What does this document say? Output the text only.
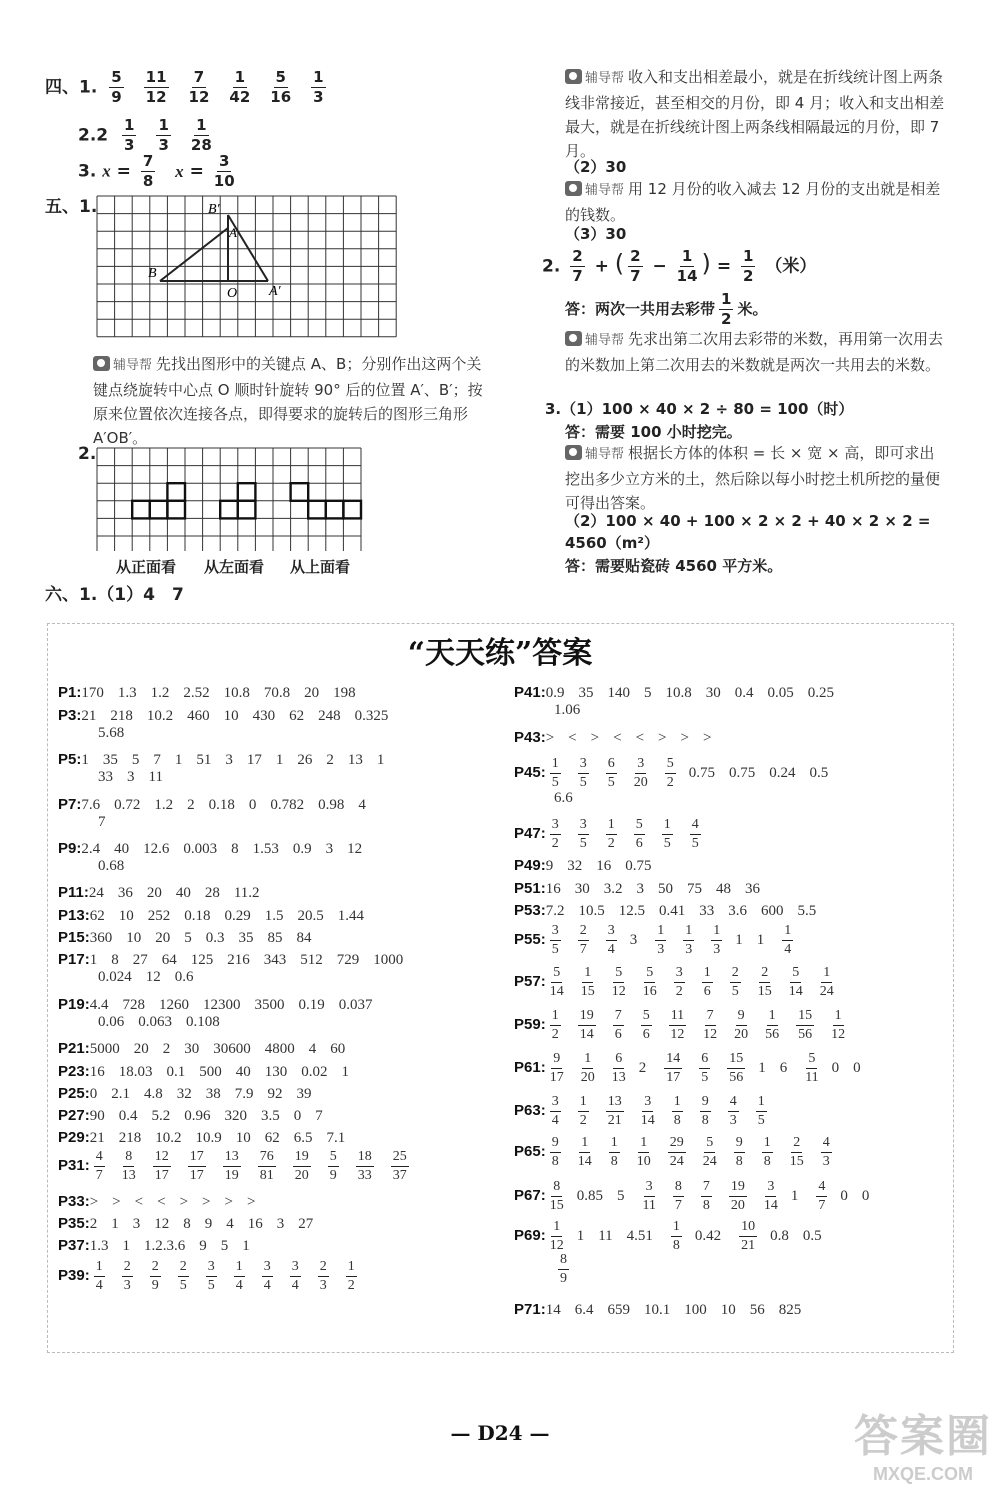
四、1. $\frac{5}{9} \frac{11}{12} \frac{7}{12} \frac{1}{42} \frac{5}{16} \frac{1}{3}$
$2.2 \frac{1}{3} \frac{1}{3} \frac{1}{28}$
3. $x = \frac{7}{8}$ $x = \frac{3}{10}$
五、1.
B
A
O A′
B′
辅导帮 先找出图形中的关键点 A、B；分别作出这两个关键点绕旋转中心点 O 顺时针旋转 90° 后的位置 A′、B′；按原来位置依次连接各点，即得要求的旋转后的图形三角形 A′OB′。
2.
从正面看 从左面看 从上面看
六、1.（1）4　7
辅导帮 收入和支出相差最小，就是在折线统计图上两条线非常接近，甚至相交的月份，即 4 月；收入和支出相差最大，就是在折线统计图上两条线相隔最远的月份，即 7 月。
（2）30
辅导帮 用 12 月份的收入减去 12 月份的支出就是相差的钱数。
（3）30
2. $\frac{2}{7}$ + ( $\frac{2}{7} - \frac{1}{14}$ ) = $\frac{1}{2}$ （米）
答：两次一共用去彩带 $\frac{1}{2}$ 米。
辅导帮 先求出第二次用去彩带的米数，再用第一次用去的米数加上第二次用去的米数就是两次一共用去的米数。
3.（1）100 × 40 × 2 ÷ 80 = 100（时）
答：需要 100 小时挖完。
辅导帮 根据长方体的体积 = 长 × 宽 × 高，即可求出挖出多少立方米的土，然后除以每小时挖土机所挖的量便可得出答案。
（2）100 × 40 + 100 × 2 × 2 + 40 × 2 × 2 =
4560（m²）
答：需要贴瓷砖 4560 平方米。
“天天练”答案
P1:170 1.3 1.2 2.52 10.8 70.8 20 198
P3:21 218 10.2 460 10 430 62 248 0.325
5.68
P5:1 35 5 7 1 51 3 17 1 26 2 13 1
33 3 11
P7:7.6 0.72 1.2 2 0.18 0 0.782 0.98 4
7
P9:2.4 40 12.6 0.003 8 1.53 0.9 3 12
0.68
P11:24 36 20 40 28 11.2
P13:62 10 252 0.18 0.29 1.5 20.5 1.44
P15:360 10 20 5 0.3 35 85 84
P17:1 8 27 64 125 216 343 512 729 1000
0.024 12 0.6
P19:4.4 728 1260 12300 3500 0.19 0.037
0.06 0.063 0.108
P21:5000 20 2 30 30600 4800 4 60
P23:16 18.03 0.1 500 40 130 0.02 1
P25:0 2.1 4.8 32 38 7.9 92 39
P27:90 0.4 5.2 0.96 320 3.5 0 7
P29:21 218 10.2 10.9 10 62 6.5 7.1
P31: $\frac{4}{7} \frac{8}{13} \frac{12}{17} \frac{17}{17} \frac{13}{19} \frac{76}{81} \frac{19}{20} \frac{5}{9} \frac{18}{33} \frac{25}{37}$
P33:> > < < > > > >
P35:2 1 3 12 8 9 4 16 3 27
P37:1.3 1 1.2.3.6 9 5 1
P39: $\frac{1}{4} \frac{2}{3} \frac{2}{9} \frac{2}{5} \frac{3}{5} \frac{1}{4} \frac{3}{4} \frac{3}{4} \frac{2}{3} \frac{1}{2}$
P41:0.9 35 140 5 10.8 30 0.4 0.05 0.25
1.06
P43:> < > < < > > >
P45: $\frac{1}{5} \frac{3}{5} \frac{6}{5} \frac{3}{20} \frac{5}{2} 0.75$ 0.75 0.24 0.5
6.6
P47: $\frac{3}{2} \frac{3}{5} \frac{1}{2} \frac{5}{6} \frac{1}{5} \frac{4}{5}$
P49:9 32 16 0.75
P51:16 30 3.2 3 50 75 48 36
P53:7.2 10.5 12.5 0.41 33 3.6 600 5.5
P55: $\frac{3}{5} \frac{2}{7} \frac{3}{4} 3 \frac{1}{3} \frac{1}{3} \frac{1}{3} 1$ $1 \frac{1}{4}$
P57: $\frac{5}{14} \frac{1}{15} \frac{5}{12} \frac{5}{16} \frac{3}{2} \frac{1}{6} \frac{2}{5} \frac{2}{15} \frac{5}{14} \frac{1}{24}$
P59: $\frac{1}{2} \frac{19}{14} \frac{7}{6} \frac{5}{6} \frac{11}{12} \frac{7}{12} \frac{9}{20} \frac{1}{56} \frac{15}{56} \frac{1}{12}$
P61: $\frac{9}{17} \frac{1}{20} \frac{6}{13} 2 \frac{14}{17} \frac{6}{5} \frac{15}{56} 1$ $6 \frac{5}{11} 0$ 0
P63: $\frac{3}{4} \frac{1}{2} \frac{13}{21} \frac{3}{14} \frac{1}{8} \frac{9}{8} \frac{4}{3} \frac{1}{5}$
P65: $\frac{9}{8} \frac{1}{14} \frac{1}{8} \frac{1}{10} \frac{29}{24} \frac{5}{24} \frac{9}{8} \frac{1}{8} \frac{2}{15} \frac{4}{3}$
P67: $\frac{8}{15} 0.85$ $5 \frac{3}{11} \frac{8}{7} \frac{7}{8} \frac{19}{20} \frac{3}{14} 1 \frac{4}{7} 0$ 0
P69: $\frac{1}{12} 1$ 11 $4.51 \frac{1}{8} 0.42 \frac{10}{21} 0.8$ 0.5
$\frac{8}{9}$
P71:14 6.4 659 10.1 100 10 56 825
— D24 —	答案圈
MXQE.COM
